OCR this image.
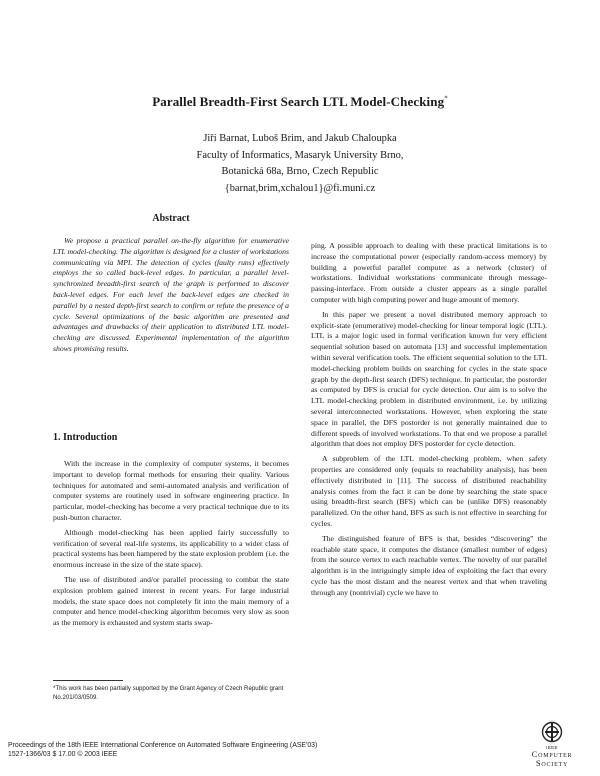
Parallel Breadth-First Search LTL Model-Checking*
Jiří Barnat, Luboš Brim, and Jakub Chaloupka
Faculty of Informatics, Masaryk University Brno,
Botanická 68a, Brno, Czech Republic
{barnat,brim,xchalou1}@fi.muni.cz
Abstract

We propose a practical parallel on-the-fly algorithm for enumerative LTL model-checking. The algorithm is designed for a cluster of workstations communicating via MPI. The detection of cycles (faulty runs) effectively employs the so called back-level edges. In particular, a parallel level-synchronized breadth-first search of the graph is performed to discover back-level edges. For each level the back-level edges are checked in parallel by a nested depth-first search to confirm or refute the presence of a cycle. Several optimizations of the basic algorithm are presented and advantages and drawbacks of their application to distributed LTL model-checking are discussed. Experimental implementation of the algorithm shows promising results.

1. Introduction

With the increase in the complexity of computer systems, it becomes important to develop formal methods for ensuring their quality. Various techniques for automated and semi-automated analysis and verification of computer systems are routinely used in software engineering practice. In particular, model-checking has become a very practical technique due to its push-button character.

Although model-checking has been applied fairly successfully to verification of several real-life systems, its applicability to a wider class of practical systems has been hampered by the state explosion problem (i.e. the enormous increase in the size of the state space).

The use of distributed and/or parallel processing to combat the state explosion problem gained interest in recent years. For large industrial models, the state space does not completely fit into the main memory of a computer and hence model-checking algorithm becomes very slow as soon as the memory is exhausted and system starts swap-

*This work has been partially supported by the Grant Agency of Czech Republic grant No.201/03/0509.

ping. A possible approach to dealing with these practical limitations is to increase the computational power (especially random-access memory) by building a powerful parallel computer as a network (cluster) of workstations. Individual workstations communicate through message-passing-interface. From outside a cluster appears as a single parallel computer with high computing power and huge amount of memory.

In this paper we present a novel distributed memory approach to explicit-state (enumerative) model-checking for linear temporal logic (LTL). LTL is a major logic used in formal verification known for very efficient sequential solution based on automata [13] and successful implementation within several verification tools. The efficient sequential solution to the LTL model-checking problem builds on searching for cycles in the state space graph by the depth-first search (DFS) technique. In particular, the postorder as computed by DFS is crucial for cycle detection. Our aim is to solve the LTL model-checking problem in distributed environment, i.e. by utilizing several interconnected workstations. However, when exploring the state space in parallel, the DFS postorder is not generally maintained due to different speeds of involved workstations. To that end we propose a parallel algorithm that does not employ DFS postorder for cycle detection.

A subproblem of the LTL model-checking problem, when safety properties are considered only (equals to reachability analysis), has been effectively distributed in [11]. The success of distributed reachability analysis comes from the fact it can be done by searching the state space using breadth-first search (BFS) which can be (unlike DFS) reasonably parallelized. On the other hand, BFS as such is not effective in searching for cycles.

The distinguished feature of BFS is that, besides “discovering” the reachable state space, it computes the distance (smallest number of edges) from the source vertex to each reachable vertex. The novelty of our parallel algorithm is in the intriguingly simple idea of exploiting the fact that every cycle has the most distant and the nearest vertex and that when traveling through any (nontrivial) cycle we have to

Proceedings of the 18th IEEE International Conference on Automated Software Engineering (ASE'03)
1527-1366/03 $ 17.00 © 2003 IEEE
IEEE
Computer
Society
